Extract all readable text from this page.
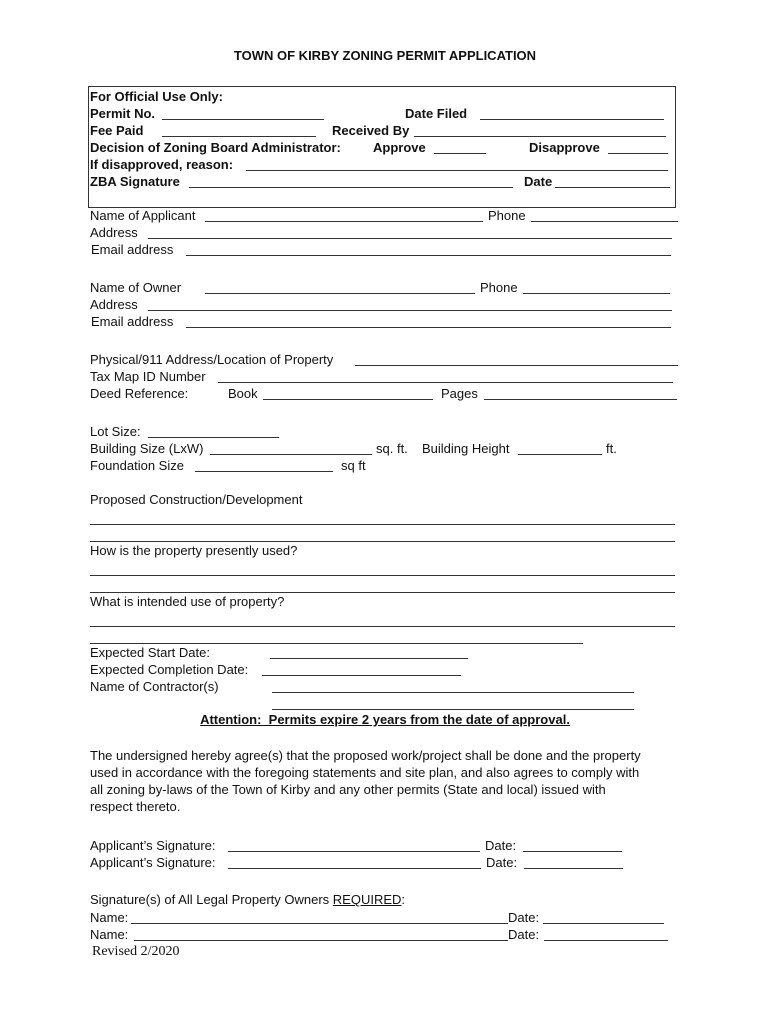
TOWN OF KIRBY ZONING PERMIT APPLICATION
For Official Use Only:
Permit No.	Date Filed
Fee Paid	Received By
Decision of Zoning Board Administrator: Approve	Disapprove
If disapproved, reason:
ZBA Signature	Date
Name of Applicant	Phone
Address
Email address
Name of Owner	Phone
Address
Email address
Physical/911 Address/Location of Property
Tax Map ID Number
Deed Reference:	Book	Pages
Lot Size:
Building Size (LxW)	sq. ft. Building Height	ft.
Foundation Size	sq ft
Proposed Construction/Development
How is the property presently used?
What is intended use of property?
Expected Start Date:
Expected Completion Date:
Name of Contractor(s)
Attention:  Permits expire 2 years from the date of approval.
The undersigned hereby agree(s) that the proposed work/project shall be done and the property
used in accordance with the foregoing statements and site plan, and also agrees to comply with
all zoning by-laws of the Town of Kirby and any other permits (State and local) issued with
respect thereto.
Applicant’s Signature:	Date:
Applicant’s Signature:	Date:
Signature(s) of All Legal Property Owners REQUIRED:
Name:	Date:
Name:	Date:
Revised 2/2020
